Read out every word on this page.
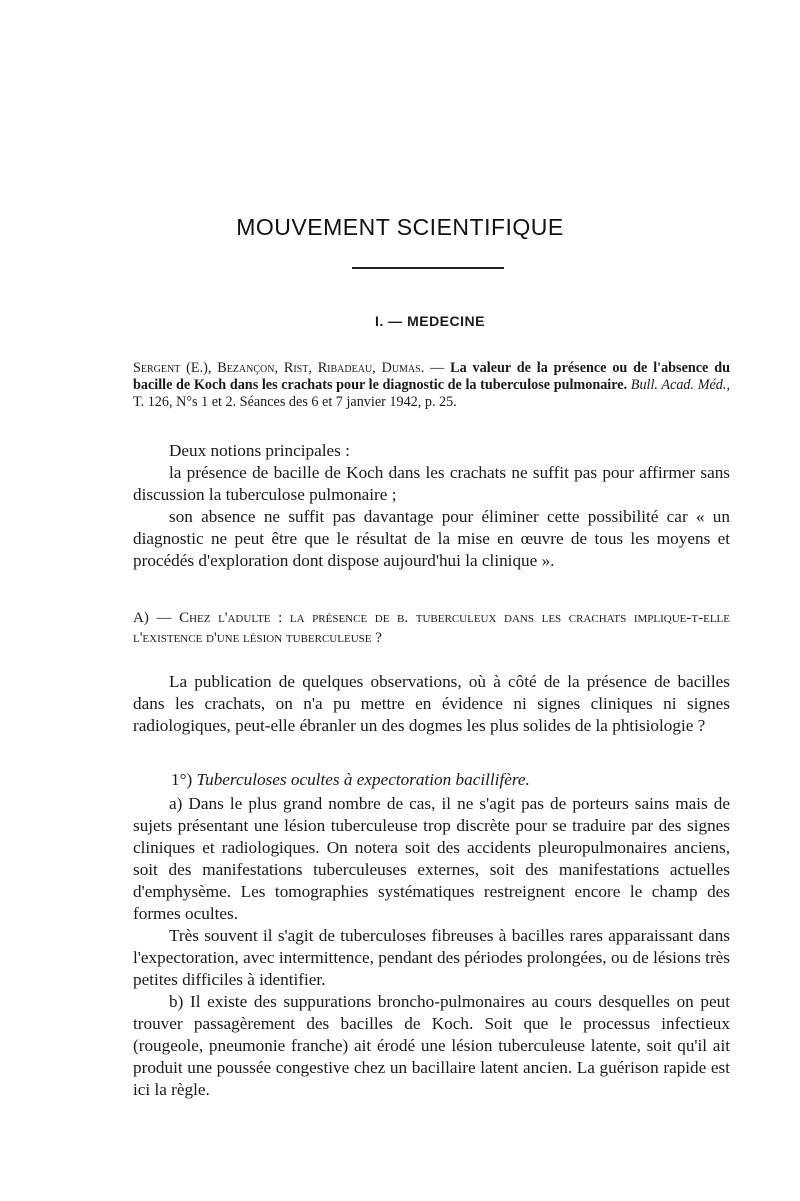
MOUVEMENT SCIENTIFIQUE
I. — MEDECINE
Sergent (E.), Bezançon, Rist, Ribadeau, Dumas. — La valeur de la présence ou de l'absence du bacille de Koch dans les crachats pour le diagnostic de la tuberculose pulmonaire. Bull. Acad. Méd., T. 126, N°s 1 et 2. Séances des 6 et 7 janvier 1942, p. 25.

Deux notions principales :

la présence de bacille de Koch dans les crachats ne suffit pas pour affirmer sans discussion la tuberculose pulmonaire ;

son absence ne suffit pas davantage pour éliminer cette possibilité car « un diagnostic ne peut être que le résultat de la mise en œuvre de tous les moyens et procédés d'exploration dont dispose aujourd'hui la clinique ».

A) — Chez l'adulte : la présence de b. tuberculeux dans les crachats implique-t-elle l'existence d'une lésion tuberculeuse ?

La publication de quelques observations, où à côté de la présence de bacilles dans les crachats, on n'a pu mettre en évidence ni signes cliniques ni signes radiologiques, peut-elle ébranler un des dogmes les plus solides de la phtisiologie ?

1°) Tuberculoses ocultes à expectoration bacillifère.

a) Dans le plus grand nombre de cas, il ne s'agit pas de porteurs sains mais de sujets présentant une lésion tuberculeuse trop discrète pour se traduire par des signes cliniques et radiologiques. On notera soit des accidents pleuropulmonaires anciens, soit des manifestations tuberculeuses externes, soit des manifestations actuelles d'emphysème. Les tomographies systématiques restreignent encore le champ des formes ocultes.

Très souvent il s'agit de tuberculoses fibreuses à bacilles rares apparaissant dans l'expectoration, avec intermittence, pendant des périodes prolongées, ou de lésions très petites difficiles à identifier.

b) Il existe des suppurations broncho-pulmonaires au cours desquelles on peut trouver passagèrement des bacilles de Koch. Soit que le processus infectieux (rougeole, pneumonie franche) ait érodé une lésion tuberculeuse latente, soit qu'il ait produit une poussée congestive chez un bacillaire latent ancien. La guérison rapide est ici la règle.
